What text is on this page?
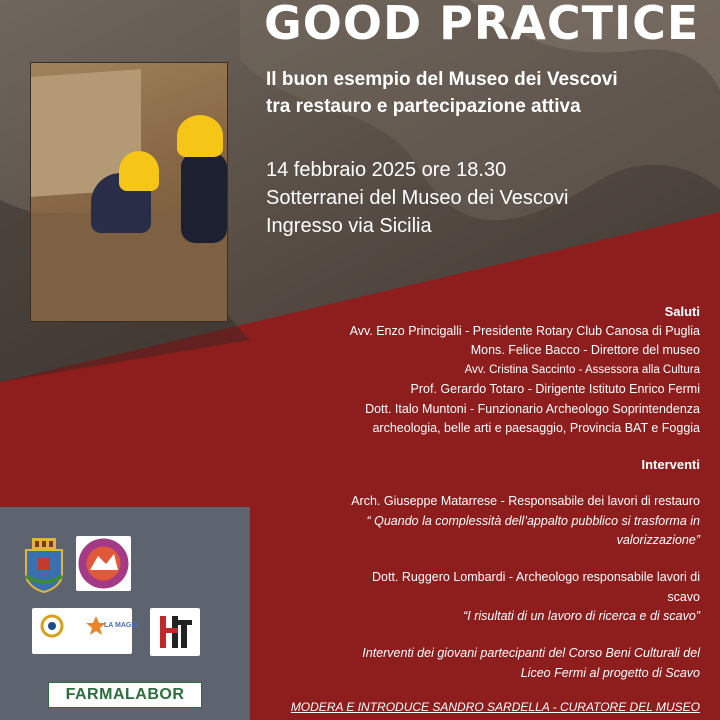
GOOD PRACTICE
Il buon esempio del Museo dei Vescovi
tra restauro e partecipazione attiva
14 febbraio 2025 ore 18.30
Sotterranei del Museo dei Vescovi
Ingresso via Sicilia
Saluti
Avv. Enzo Princigalli - Presidente Rotary Club Canosa di Puglia
Mons. Felice Bacco - Direttore del museo
Avv. Cristina Saccinto - Assessora alla Cultura
Prof. Gerardo Totaro - Dirigente Istituto Enrico Fermi
Dott. Italo Muntoni - Funzionario Archeologo Soprintendenza
archeologia, belle arti e paesaggio, Provincia BAT e Foggia
Interventi
Arch. Giuseppe Matarrese - Responsabile dei lavori di restauro
“ Quando la complessità dell’appalto pubblico si trasforma in
valorizzazione”
Dott. Ruggero Lombardi - Archeologo responsabile lavori di
scavo
“I risultati di un lavoro di ricerca e di scavo”
Interventi dei giovani partecipanti del Corso Beni Culturali del
Liceo Fermi al progetto di Scavo
MODERA E INTRODUCE SANDRO SARDELLA - CURATORE DEL MUSEO
LA MAGIA
FARMALABOR
